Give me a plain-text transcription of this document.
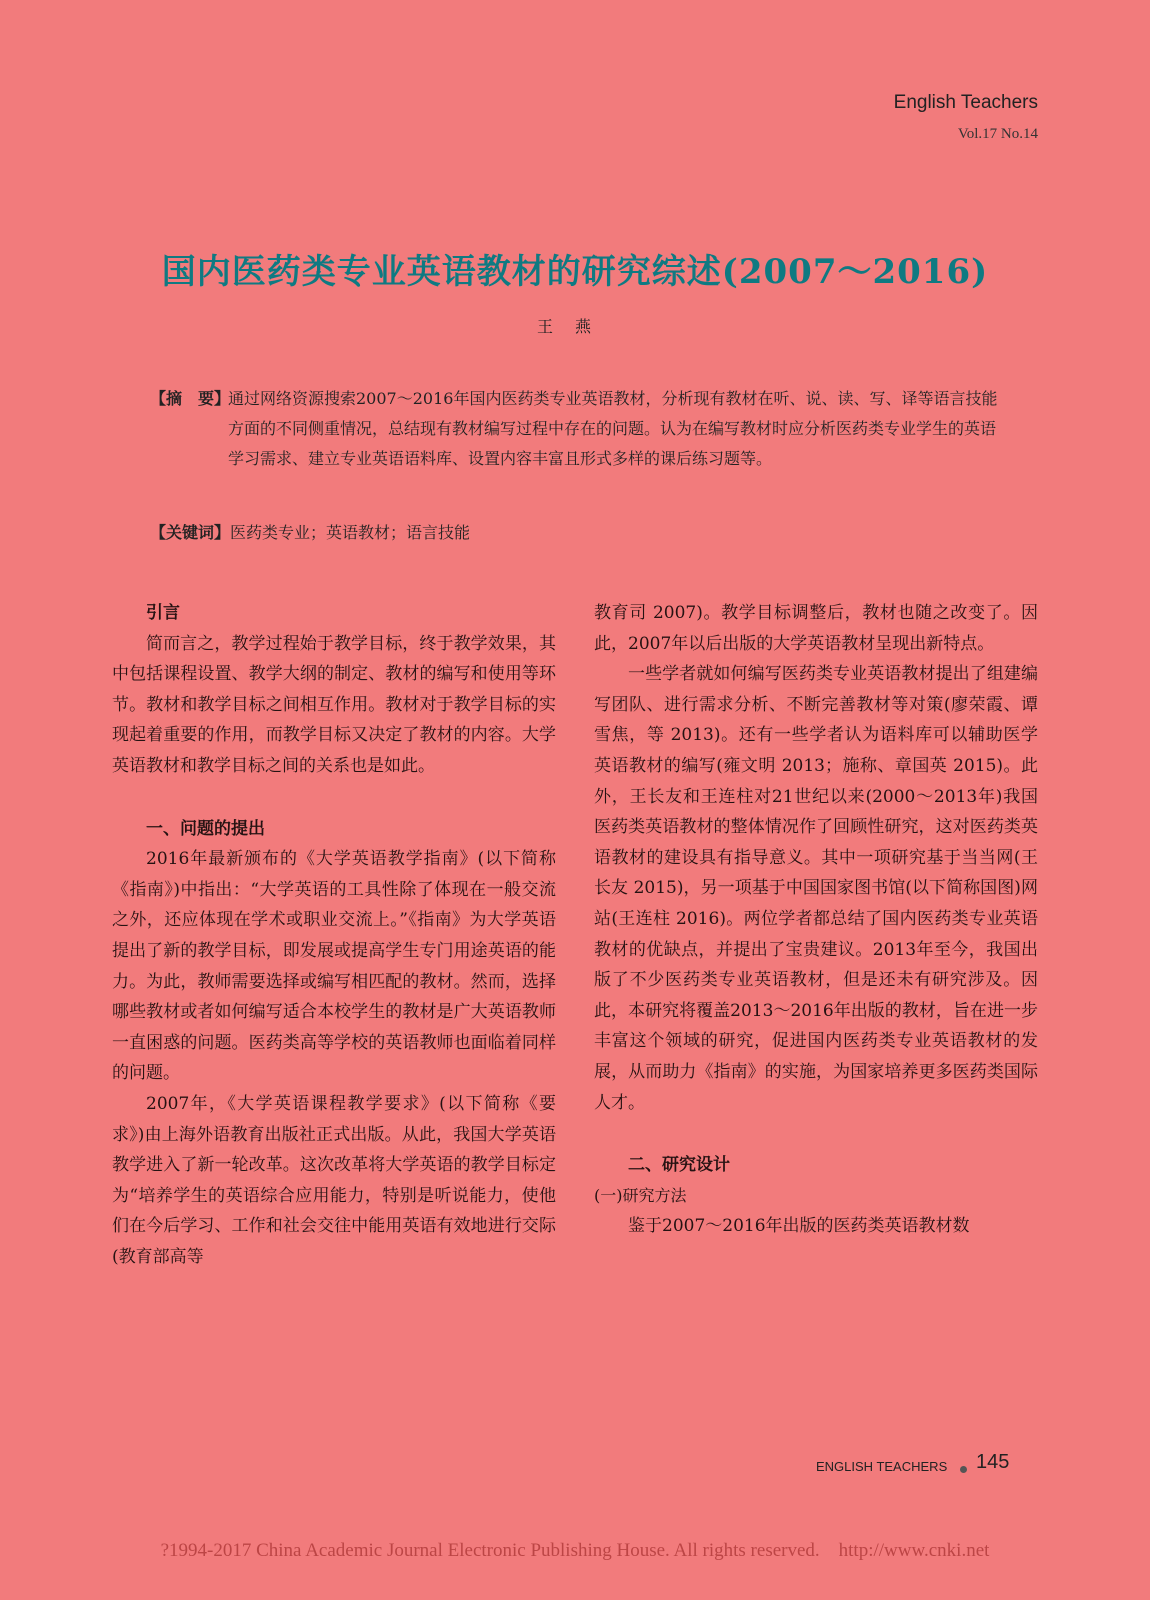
English Teachers
Vol.17 No.14
国内医药类专业英语教材的研究综述(2007～2016)
王燕
【摘　要】
通过网络资源搜索2007～2016年国内医药类专业英语教材，分析现有教材在听、说、读、写、译等语言技能方面的不同侧重情况，总结现有教材编写过程中存在的问题。认为在编写教材时应分析医药类专业学生的英语学习需求、建立专业英语语料库、设置内容丰富且形式多样的课后练习题等。
【关键词】医药类专业；英语教材；语言技能
引言

简而言之，教学过程始于教学目标，终于教学效果，其中包括课程设置、教学大纲的制定、教材的编写和使用等环节。教材和教学目标之间相互作用。教材对于教学目标的实现起着重要的作用，而教学目标又决定了教材的内容。大学英语教材和教学目标之间的关系也是如此。

一、问题的提出

2016年最新颁布的《大学英语教学指南》(以下简称《指南》)中指出：“大学英语的工具性除了体现在一般交流之外，还应体现在学术或职业交流上。”《指南》为大学英语提出了新的教学目标，即发展或提高学生专门用途英语的能力。为此，教师需要选择或编写相匹配的教材。然而，选择哪些教材或者如何编写适合本校学生的教材是广大英语教师一直困惑的问题。医药类高等学校的英语教师也面临着同样的问题。

2007年，《大学英语课程教学要求》(以下简称《要求》)由上海外语教育出版社正式出版。从此，我国大学英语教学进入了新一轮改革。这次改革将大学英语的教学目标定为“培养学生的英语综合应用能力，特别是听说能力，使他们在今后学习、工作和社会交往中能用英语有效地进行交际(教育部高等

教育司 2007)。教学目标调整后，教材也随之改变了。因此，2007年以后出版的大学英语教材呈现出新特点。

一些学者就如何编写医药类专业英语教材提出了组建编写团队、进行需求分析、不断完善教材等对策(廖荣霞、谭雪焦，等 2013)。还有一些学者认为语料库可以辅助医学英语教材的编写(雍文明 2013；施称、章国英 2015)。此外，王长友和王连柱对21世纪以来(2000～2013年)我国医药类英语教材的整体情况作了回顾性研究，这对医药类英语教材的建设具有指导意义。其中一项研究基于当当网(王长友 2015)，另一项基于中国国家图书馆(以下简称国图)网站(王连柱 2016)。两位学者都总结了国内医药类专业英语教材的优缺点，并提出了宝贵建议。2013年至今，我国出版了不少医药类专业英语教材，但是还未有研究涉及。因此，本研究将覆盖2013～2016年出版的教材，旨在进一步丰富这个领域的研究，促进国内医药类专业英语教材的发展，从而助力《指南》的实施，为国家培养更多医药类国际人才。

二、研究设计
(一)研究方法

鉴于2007～2016年出版的医药类英语教材数

ENGLISH TEACHERS 145
?1994-2017 China Academic Journal Electronic Publishing House. All rights reserved.    http://www.cnki.net
